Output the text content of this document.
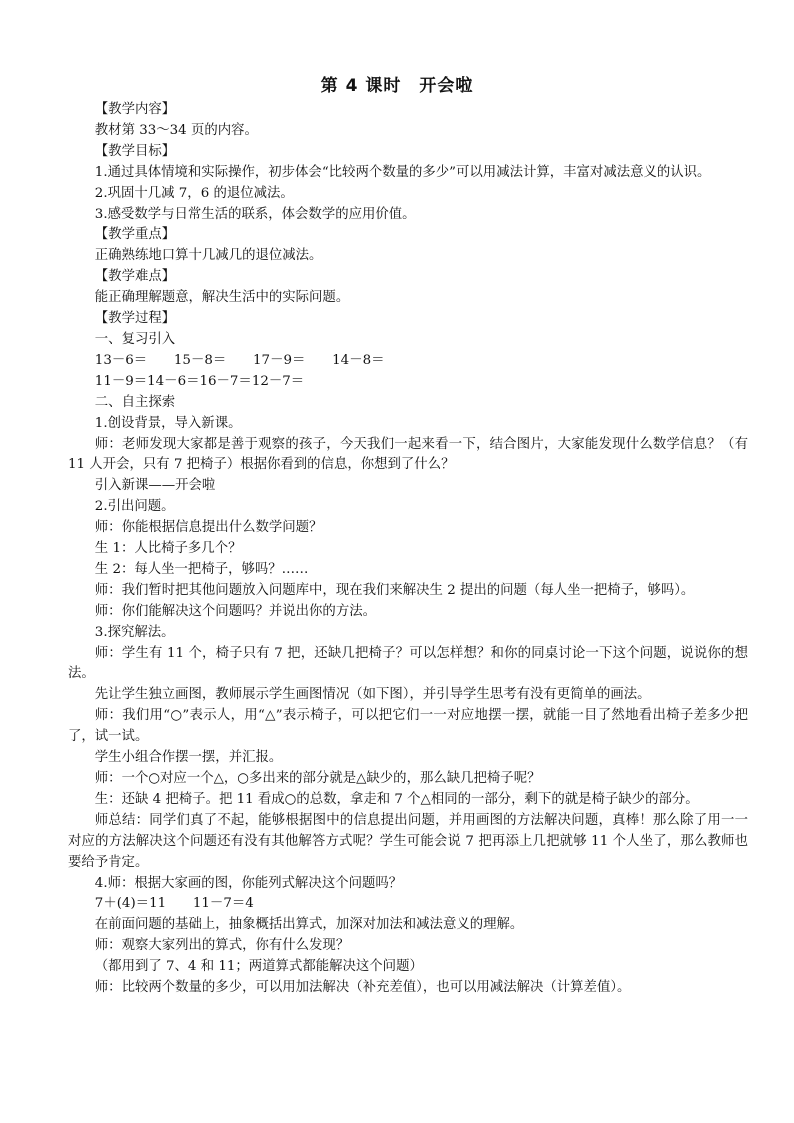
第 4 课时　开会啦

【教学内容】

教材第 33～34 页的内容。

【教学目标】

1.通过具体情境和实际操作，初步体会“比较两个数量的多少”可以用减法计算，丰富对减法意义的认识。

2.巩固十几减 7，6 的退位减法。

3.感受数学与日常生活的联系，体会数学的应用价值。

【教学重点】

正确熟练地口算十几减几的退位减法。

【教学难点】

能正确理解题意，解决生活中的实际问题。

【教学过程】

一、复习引入

13－6＝　　15－8＝　　17－9＝　　14－8＝

11－9＝14－6＝16－7＝12－7＝

二、自主探索

1.创设背景，导入新课。

师：老师发现大家都是善于观察的孩子，今天我们一起来看一下，结合图片，大家能发现什么数学信息？（有 11 人开会，只有 7 把椅子）根据你看到的信息，你想到了什么？

引入新课——开会啦

2.引出问题。

师：你能根据信息提出什么数学问题？

生 1：人比椅子多几个？

生 2：每人坐一把椅子，够吗？……

师：我们暂时把其他问题放入问题库中，现在我们来解决生 2 提出的问题（每人坐一把椅子，够吗）。

师：你们能解决这个问题吗？并说出你的方法。

3.探究解法。

师：学生有 11 个，椅子只有 7 把，还缺几把椅子？可以怎样想？和你的同桌讨论一下这个问题，说说你的想法。

先让学生独立画图，教师展示学生画图情况（如下图），并引导学生思考有没有更简单的画法。

师：我们用“○”表示人，用“△”表示椅子，可以把它们一一对应地摆一摆，就能一目了然地看出椅子差多少把了，试一试。

学生小组合作摆一摆，并汇报。

师：一个○对应一个△，○多出来的部分就是△缺少的，那么缺几把椅子呢？

生：还缺 4 把椅子。把 11 看成○的总数，拿走和 7 个△相同的一部分，剩下的就是椅子缺少的部分。

师总结：同学们真了不起，能够根据图中的信息提出问题，并用画图的方法解决问题，真棒！那么除了用一一对应的方法解决这个问题还有没有其他解答方式呢？学生可能会说 7 把再添上几把就够 11 个人坐了，那么教师也要给予肯定。

4.师：根据大家画的图，你能列式解决这个问题吗？

7＋(4)＝11　　11－7＝4

在前面问题的基础上，抽象概括出算式，加深对加法和减法意义的理解。

师：观察大家列出的算式，你有什么发现？

（都用到了 7、4 和 11；两道算式都能解决这个问题）

师：比较两个数量的多少，可以用加法解决（补充差值），也可以用减法解决（计算差值）。
